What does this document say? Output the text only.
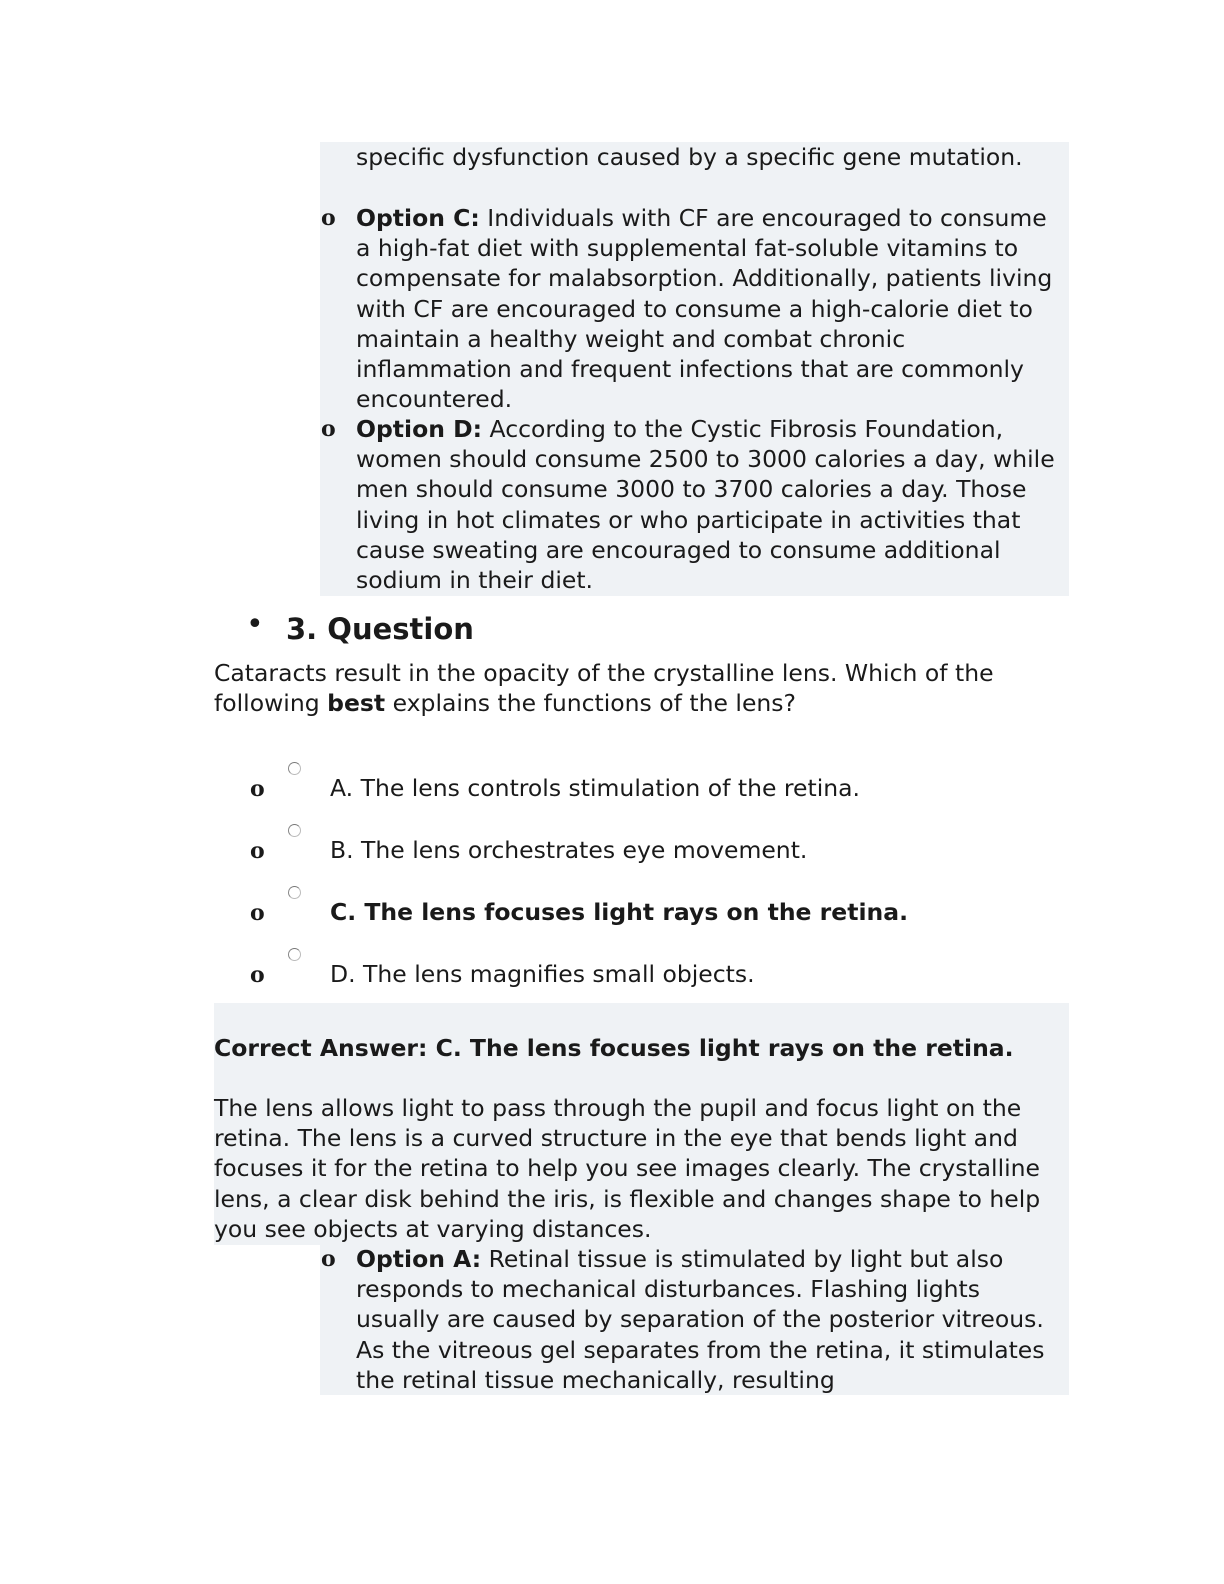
specific dysfunction caused by a specific gene mutation.
o Option C: Individuals with CF are encouraged to consume a high-fat diet with supplemental fat-soluble vitamins to compensate for malabsorption. Additionally, patients living with CF are encouraged to consume a high-calorie diet to maintain a healthy weight and combat chronic inflammation and frequent infections that are commonly encountered.
o Option D: According to the Cystic Fibrosis Foundation, women should consume 2500 to 3000 calories a day, while men should consume 3000 to 3700 calories a day. Those living in hot climates or who participate in activities that cause sweating are encouraged to consume additional sodium in their diet.
• 3. Question
Cataracts result in the opacity of the crystalline lens. Which of the following best explains the functions of the lens?
o	A. The lens controls stimulation of the retina.
o	B. The lens orchestrates eye movement.
o	C. The lens focuses light rays on the retina.
o	D. The lens magnifies small objects.
Correct Answer: C. The lens focuses light rays on the retina.
The lens allows light to pass through the pupil and focus light on the retina. The lens is a curved structure in the eye that bends light and focuses it for the retina to help you see images clearly. The crystalline lens, a clear disk behind the iris, is flexible and changes shape to help you see objects at varying distances.
o Option A: Retinal tissue is stimulated by light but also responds to mechanical disturbances. Flashing lights usually are caused by separation of the posterior vitreous. As the vitreous gel separates from the retina, it stimulates the retinal tissue mechanically, resulting
